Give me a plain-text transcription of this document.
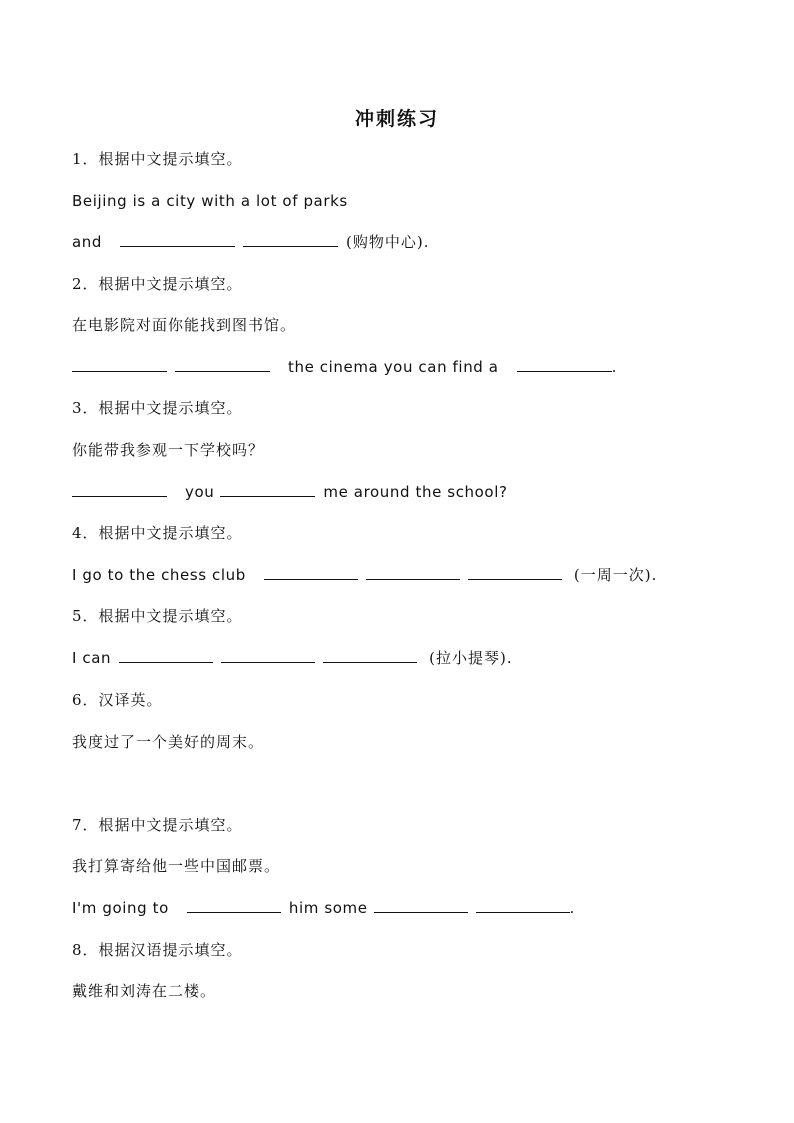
冲刺练习
1．根据中文提示填空。
Beijing is a city with a lot of parks
and	(购物中心).
2．根据中文提示填空。
在电影院对面你能找到图书馆。
the cinema you can find a	.
3．根据中文提示填空。
你能带我参观一下学校吗？
you	me around the school?
4．根据中文提示填空。
I go to the chess club	(一周一次).
5．根据中文提示填空。
I can	(拉小提琴).
6．汉译英。
我度过了一个美好的周末。
7．根据中文提示填空。
我打算寄给他一些中国邮票。
I'm going to	him some	.
8．根据汉语提示填空。
戴维和刘涛在二楼。
